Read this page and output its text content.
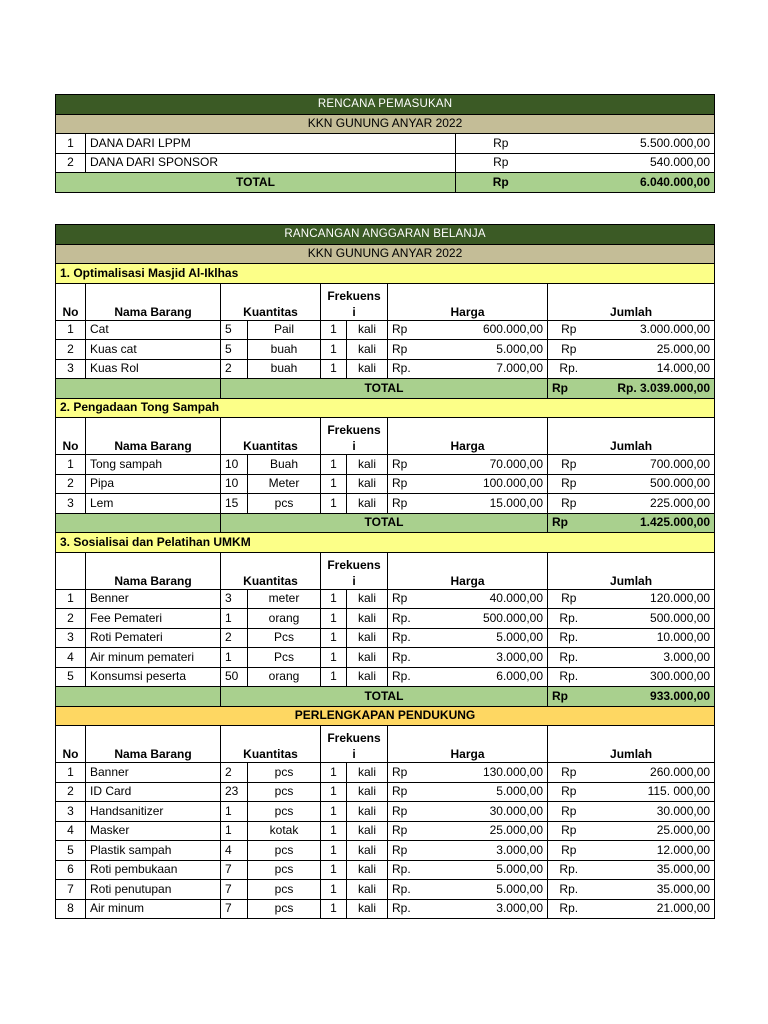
RENCANA PEMASUKAN			
KKN GUNUNG ANYAR 2022			
1	DANA DARI LPPM	Rp	5.500.000,00
2	DANA DARI SPONSOR	Rp	540.000,00
TOTAL		Rp	6.040.000,00
RANCANGAN ANGGARAN BELANJA									
KKN GUNUNG ANYAR 2022									
1. Optimalisasi Masjid Al-Iklhas									
No	Nama Barang	Kuantitas		Frekuens
i		Harga		Jumlah	
1	Cat	5	Pail	1	kali	Rp	600.000,00	Rp	3.000.000,00
2	Kuas cat	5	buah	1	kali	Rp	5.000,00	Rp	25.000,00
3	Kuas Rol	2	buah	1	kali	Rp.	7.000,00	Rp.	14.000,00
		TOTAL						Rp	Rp. 3.039.000,00
2. Pengadaan Tong Sampah									
No	Nama Barang	Kuantitas		Frekuens
i		Harga		Jumlah	
1	Tong sampah	10	Buah	1	kali	Rp	70.000,00	Rp	700.000,00
2	Pipa	10	Meter	1	kali	Rp	100.000,00	Rp	500.000,00
3	Lem	15	pcs	1	kali	Rp	15.000,00	Rp	225.000,00
		TOTAL						Rp	1.425.000,00
3. Sosialisai dan Pelatihan UMKM									
	Nama Barang	Kuantitas		Frekuens
i		Harga		Jumlah	
1	Benner	3	meter	1	kali	Rp	40.000,00	Rp	120.000,00
2	Fee Pemateri	1	orang	1	kali	Rp.	500.000,00	Rp.	500.000,00
3	Roti Pemateri	2	Pcs	1	kali	Rp.	5.000,00	Rp.	10.000,00
4	Air minum pemateri	1	Pcs	1	kali	Rp.	3.000,00	Rp.	3.000,00
5	Konsumsi peserta	50	orang	1	kali	Rp.	6.000,00	Rp.	300.000,00
		TOTAL						Rp	933.000,00
PERLENGKAPAN PENDUKUNG									
No	Nama Barang	Kuantitas		Frekuens
i		Harga		Jumlah	
1	Banner	2	pcs	1	kali	Rp	130.000,00	Rp	260.000,00
2	ID Card	23	pcs	1	kali	Rp	5.000,00	Rp	115. 000,00
3	Handsanitizer	1	pcs	1	kali	Rp	30.000,00	Rp	30.000,00
4	Masker	1	kotak	1	kali	Rp	25.000,00	Rp	25.000,00
5	Plastik sampah	4	pcs	1	kali	Rp	3.000,00	Rp	12.000,00
6	Roti pembukaan	7	pcs	1	kali	Rp.	5.000,00	Rp.	35.000,00
7	Roti penutupan	7	pcs	1	kali	Rp.	5.000,00	Rp.	35.000,00
8	Air minum	7	pcs	1	kali	Rp.	3.000,00	Rp.	21.000,00
